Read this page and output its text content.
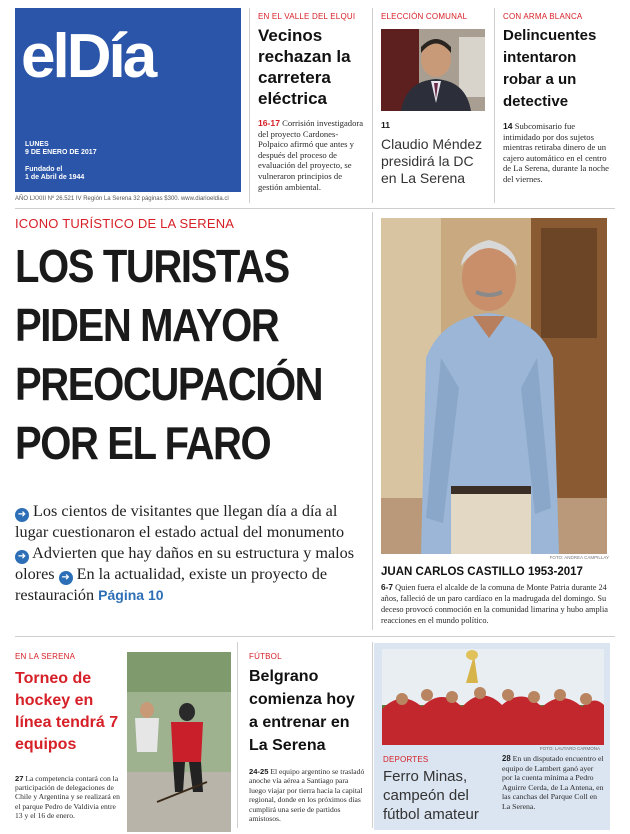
elDía
LUNES
9 DE ENERO DE 2017
Fundado el
1 de Abril de 1944
AÑO LXXIII Nº 26.521 IV Región La Serena 32 páginas $300. www.diarioeldia.cl
EN EL VALLE DEL ELQUI
Vecinos rechazan la carretera eléctrica
16-17 Corrisión investigadora del proyecto Cardones-Polpaico afirmó que antes y después del proceso de evaluación del proyecto, se vulneraron principios de gestión ambiental.
ELECCIÓN COMUNAL
11
Claudio Méndez presidirá la DC en La Serena
CON ARMA BLANCA
Delincuentes intentaron robar a un detective
14 Subcomisario fue intimidado por dos sujetos mientras retiraba dinero de un cajero automático en el centro de La Serena, durante la noche del viernes.
ICONO TURÍSTICO DE LA SERENA
LOS TURISTAS
PIDEN MAYOR
PREOCUPACIÓN
POR EL FARO
➜ Los cientos de visitantes que llegan día a día al lugar cuestionaron el estado actual del monumento ➜ Advierten que hay daños en su estructura y malos olores ➜ En la actualidad, existe un proyecto de restauración Página 10
FOTO: ANDREA CAMPILLAY
JUAN CARLOS CASTILLO 1953-2017
6-7 Quien fuera el alcalde de la comuna de Monte Patria durante 24 años, falleció de un paro cardíaco en la madrugada del domingo. Su deceso provocó conmoción en la comunidad limarina y hubo amplia reacciones en el mundo político.
EN LA SERENA
Torneo de hockey en línea tendrá 7 equipos
27 La competencia contará con la participación de delegaciones de Chile y Argentina y se realizará en el parque Pedro de Valdivia entre 13 y el 16 de enero.
FÚTBOL
Belgrano comienza hoy a entrenar en La Serena
24-25 El equipo argentino se trasladó anoche vía aérea a Santiago para luego viajar por tierra hacia la capital regional, donde en los próximos días cumplirá una serie de partidos amistosos.
FOTO: LAUTARO CARMONA
DEPORTES
Ferro Minas, campeón del fútbol amateur
28 En un disputado encuentro el equipo de Lambert ganó ayer por la cuenta mínima a Pedro Aguirre Cerda, de La Antena, en las canchas del Parque Coll en La Serena.
